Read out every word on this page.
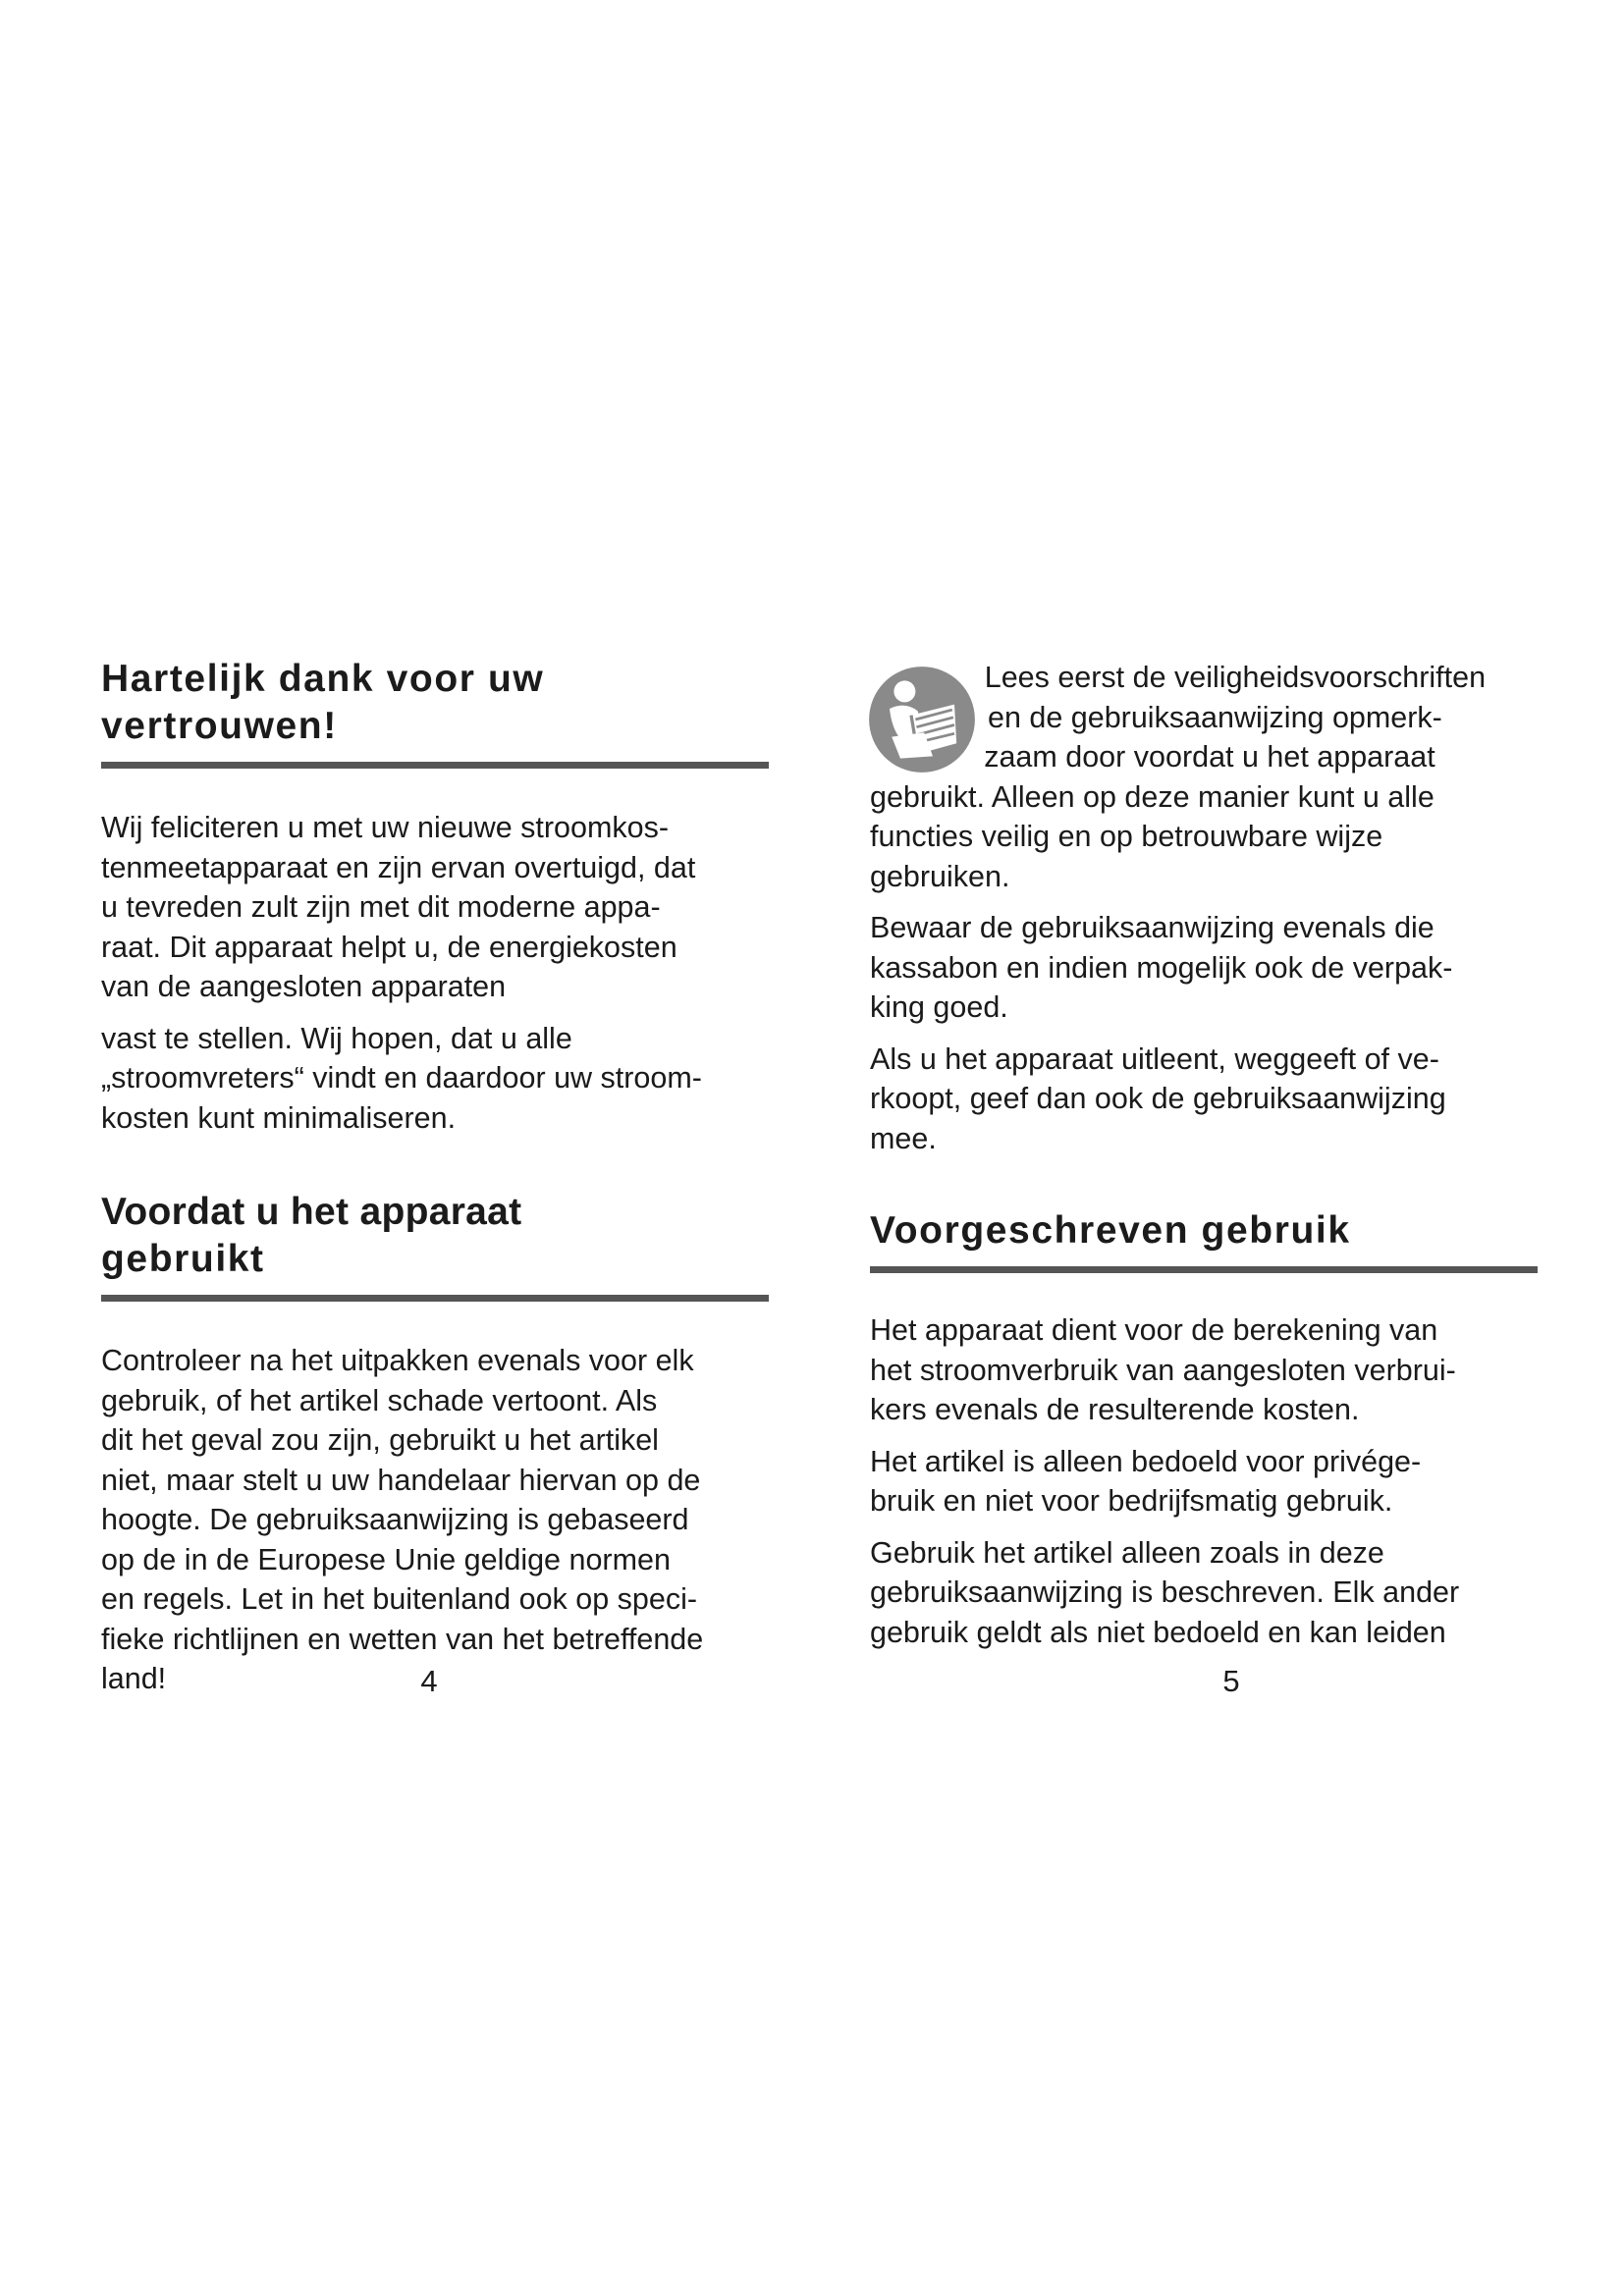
Hartelijk dank voor uw
vertrouwen!

Wij feliciteren u met uw nieuwe stroomkos-
tenmeetapparaat en zijn ervan overtuigd, dat
u tevreden zult zijn met dit moderne appa-
raat. Dit apparaat helpt u, de energiekosten
van de aangesloten apparaten

vast te stellen. Wij hopen, dat u alle
„stroomvreters“ vindt en daardoor uw stroom-
kosten kunt minimaliseren.

Voordat u het apparaat
gebruikt

Controleer na het uitpakken evenals voor elk
gebruik, of het artikel schade vertoont. Als
dit het geval zou zijn, gebruikt u het artikel
niet, maar stelt u uw handelaar hiervan op de
hoogte. De gebruiksaanwijzing is gebaseerd
op de in de Europese Unie geldige normen
en regels. Let in het buitenland ook op speci-
fieke richtlijnen en wetten van het betreffende
land!	4

Lees eerst de veiligheidsvoorschriften
en de gebruiksaanwijzing opmerk-
zaam door voordat u het apparaat
gebruikt. Alleen op deze manier kunt u alle
functies veilig en op betrouwbare wijze
gebruiken.

Bewaar de gebruiksaanwijzing evenals die
kassabon en indien mogelijk ook de verpak-
king goed.

Als u het apparaat uitleent, weggeeft of ve-
rkoopt, geef dan ook de gebruiksaanwijzing
mee.

Voorgeschreven gebruik

Het apparaat dient voor de berekening van
het stroomverbruik van aangesloten verbrui-
kers evenals de resulterende kosten.

Het artikel is alleen bedoeld voor privége-
bruik en niet voor bedrijfsmatig gebruik.

Gebruik het artikel alleen zoals in deze
gebruiksaanwijzing is beschreven. Elk ander
gebruik geldt als niet bedoeld en kan leiden

5
